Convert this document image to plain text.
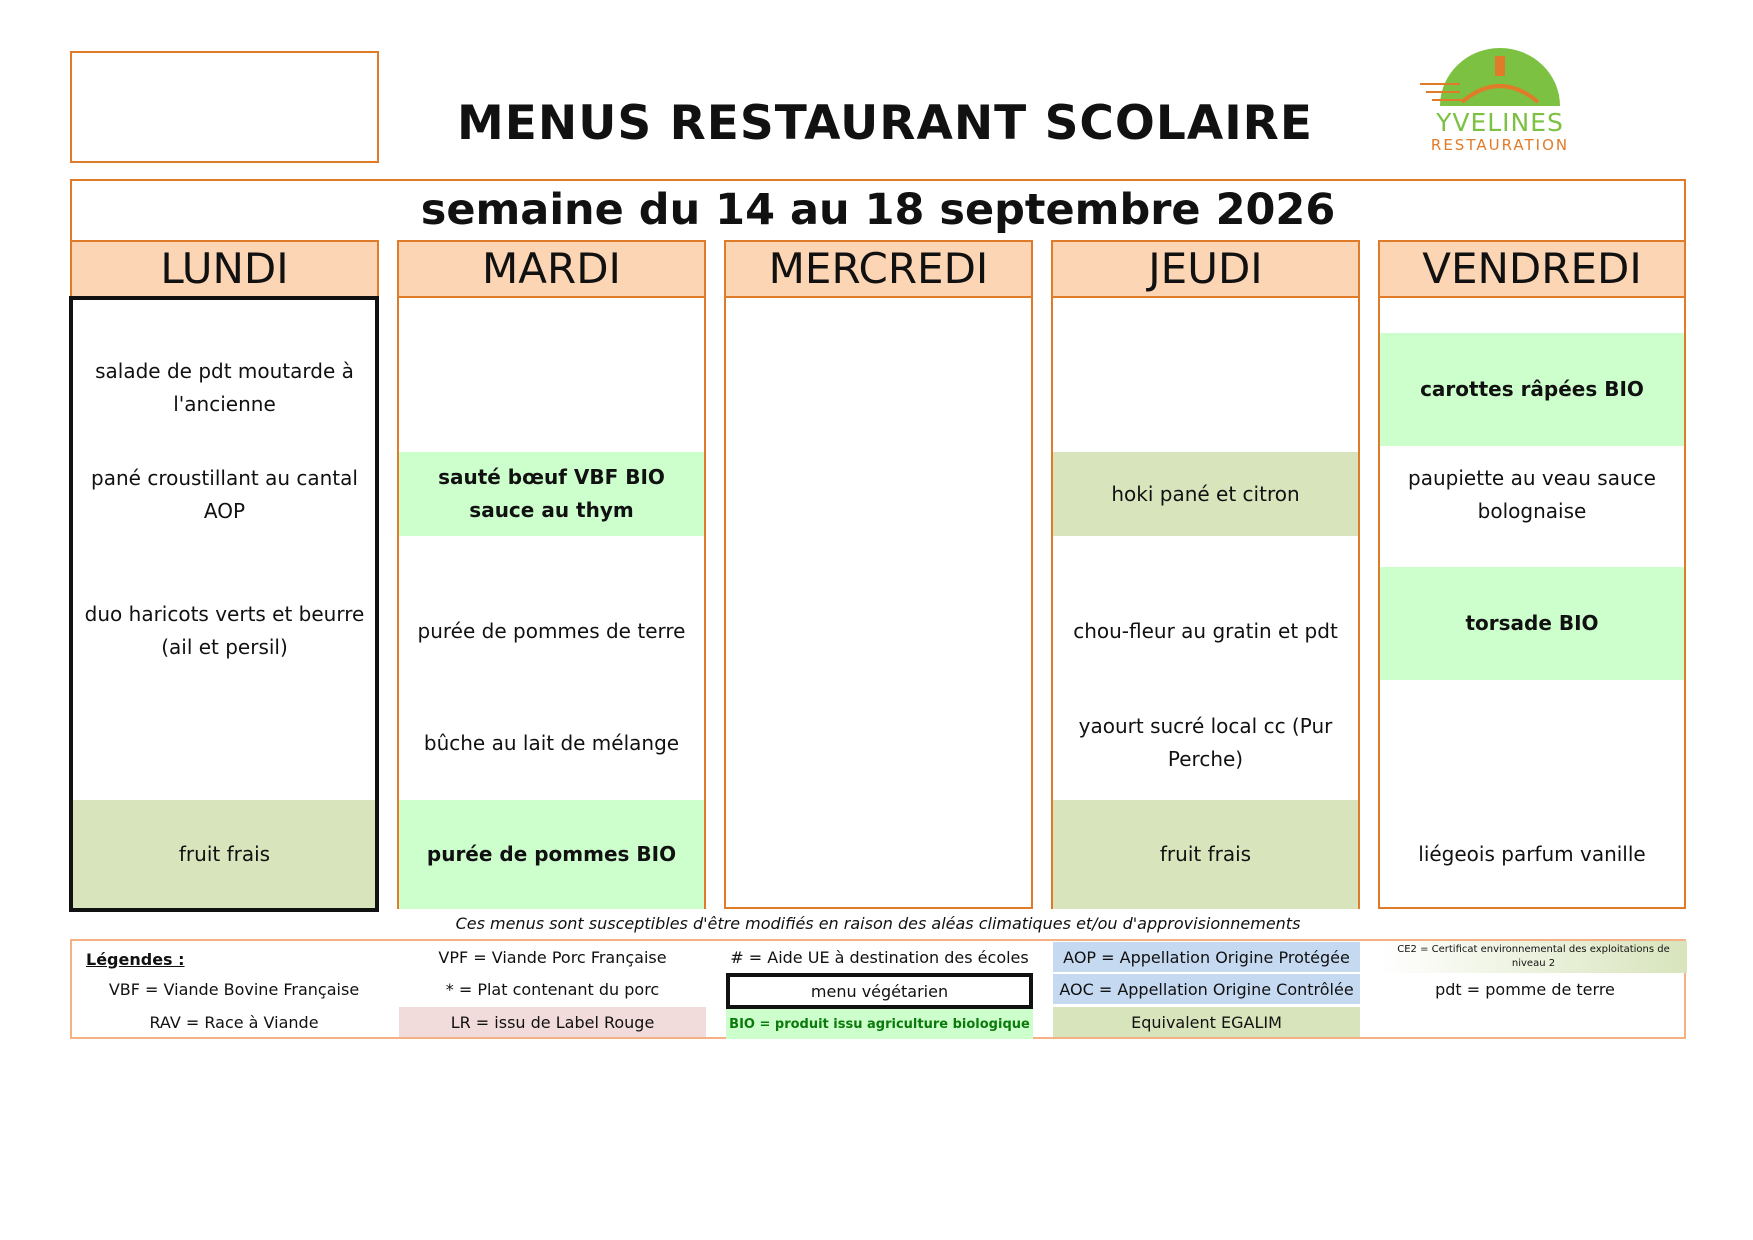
MENUS RESTAURANT SCOLAIRE	YVELINES
RESTAURATION
semaine du 14 au 18 septembre 2026
LUNDI
salade de pdt moutarde à l'ancienne
pané croustillant au cantal AOP
duo haricots verts et beurre (ail et persil)
fruit frais
MARDI
sauté bœuf VBF BIO sauce au thym
purée de pommes de terre
bûche au lait de mélange
purée de pommes BIO
MERCREDI	JEUDI
hoki pané et citron
chou-fleur au gratin et pdt
yaourt sucré local cc (Pur Perche)
fruit frais
VENDREDI
carottes râpées BIO
paupiette au veau sauce bolognaise
torsade BIO
liégeois parfum vanille
Ces menus sont susceptibles d'être modifiés en raison des aléas climatiques et/ou d'approvisionnements
Légendes :
VBF = Viande Bovine Française
RAV = Race à Viande
VPF = Viande Porc Française
* = Plat contenant du porc
LR = issu de Label Rouge
# = Aide UE à destination des écoles
menu végétarien
BIO = produit issu agriculture biologique
AOP = Appellation Origine Protégée
AOC = Appellation Origine Contrôlée
Equivalent EGALIM
CE2 = Certificat environnemental des exploitations de niveau 2
pdt = pomme de terre
